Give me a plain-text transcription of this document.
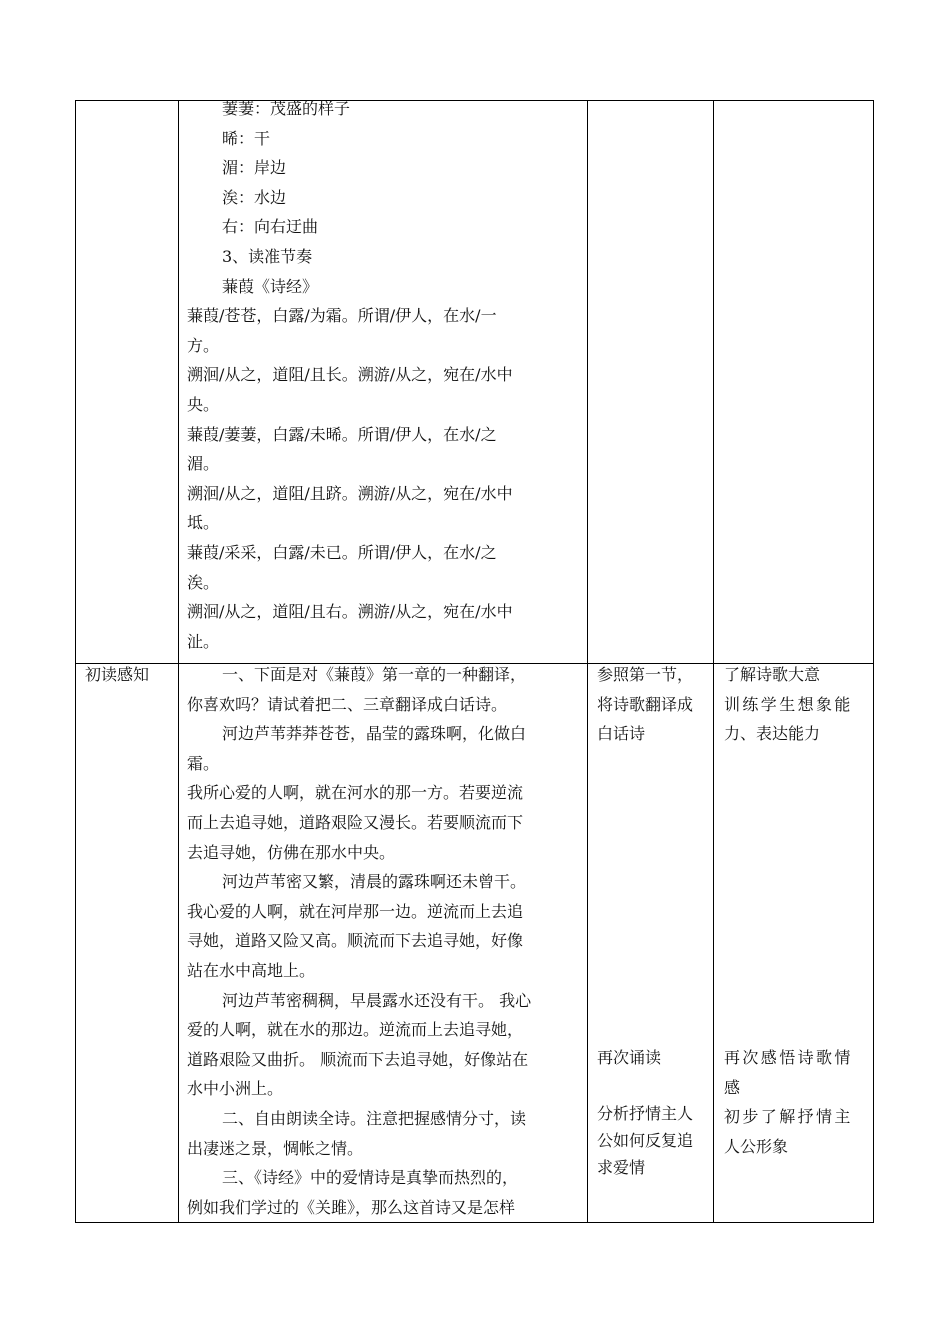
萋萋：茂盛的样子
晞：干
湄：岸边
涘：水边
右：向右迂曲
3、读准节奏
蒹葭《诗经》
蒹葭/苍苍，白露/为霜。所谓/伊人，在水/一
方。
溯洄/从之，道阻/且长。溯游/从之，宛在/水中
央。
蒹葭/萋萋，白露/未晞。所谓/伊人，在水/之
湄。
溯洄/从之，道阻/且跻。溯游/从之，宛在/水中
坻。
蒹葭/采采，白露/未已。所谓/伊人，在水/之
涘。
溯洄/从之，道阻/且右。溯游/从之，宛在/水中
沚。
初读感知	一、下面是对《蒹葭》第一章的一种翻译，
你喜欢吗？请试着把二、三章翻译成白话诗。
河边芦苇莽莽苍苍，晶莹的露珠啊，化做白
霜。
我所心爱的人啊，就在河水的那一方。若要逆流
而上去追寻她，道路艰险又漫长。若要顺流而下
去追寻她，仿佛在那水中央。
河边芦苇密又繁，清晨的露珠啊还未曾干。
我心爱的人啊，就在河岸那一边。逆流而上去追
寻她，道路又险又高。顺流而下去追寻她，好像
站在水中高地上。
河边芦苇密稠稠，早晨露水还没有干。 我心
爱的人啊，就在水的那边。逆流而上去追寻她，
道路艰险又曲折。 顺流而下去追寻她，好像站在
水中小洲上。
二、自由朗读全诗。注意把握感情分寸，读
出凄迷之景，惆帐之情。
三、《诗经》中的爱情诗是真挚而热烈的，
例如我们学过的《关雎》，那么这首诗又是怎样
参照第一节，
将诗歌翻译成
白话诗
再次诵读
分析抒情主人
公如何反复追
求爱情
了解诗歌大意
训练学生想象能
力、表达能力
再次感悟诗歌情
感
初步了解抒情主
人公形象
